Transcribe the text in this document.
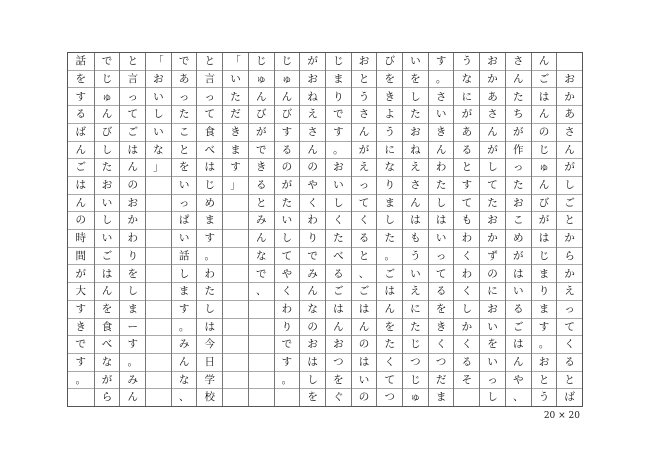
お
か
あ
さ
ん
が
し
ご
と
か
ら
か
え
っ
て
く
る
と
ば
ん
ご
は
ん
の
じ
ゅ
ん
び
が
は
じ
ま
り
ま
す
。
お
と
う
さ
ん
た
ち
が
作
っ
た
お
こ
め
が
は
い
る
ご
は
ん
や
、
お
か
あ
さ
ん
が
し
て
た
お
か
ず
の
に
お
い
を
い
っ
し
う
な
に
が
あ
る
と
す
て
も
わ
く
わ
く
し
か
く
る
そ
す
。
さ
い
き
ん
わ
た
し
は
い
っ
て
る
を
き
く
つ
だ
ま
い
を
し
た
お
ね
え
さ
ん
は
も
う
い
え
に
た
じ
つ
じ
ゅ
び
を
き
よ
う
に
な
り
ま
し
た
。
ご
は
ん
を
た
く
て
つ
お
と
う
さ
ん
が
え
っ
て
く
る
と
、
ご
は
ん
の
は
い
の
じ
ま
り
で
す
。
お
い
し
く
た
べ
る
ご
は
ん
お
つ
を
ぐ
が
お
ね
え
さ
ん
の
や
く
わ
り
で
み
ん
な
の
お
は
し
を
じ
ゅ
ん
び
す
る
の
が
た
い
し
て
や
く
わ
り
で
す
。
じ
ゅ
ん
び
が
で
き
る
と
み
ん
な
で
、
「
い
た
だ
き
ま
す
」
と
言
っ
て
食
べ
は
じ
め
ま
す
。
わ
た
し
は
今
日
学
校
で
あ
っ
た
こ
と
を
い
っ
ぱ
い
話
し
ま
す
。
み
ん
な
、
「
お
い
し
い
な
」
と
言
っ
て
ご
は
ん
の
お
か
わ
り
を
し
ま
ー
す
。
み
ん
で
じ
ゅ
ん
び
し
た
お
い
し
い
ご
は
ん
を
食
べ
な
が
ら
話
を
す
る
ば
ん
ご
は
ん
の
時
間
が
大
す
き
で
す
。
20 × 20
